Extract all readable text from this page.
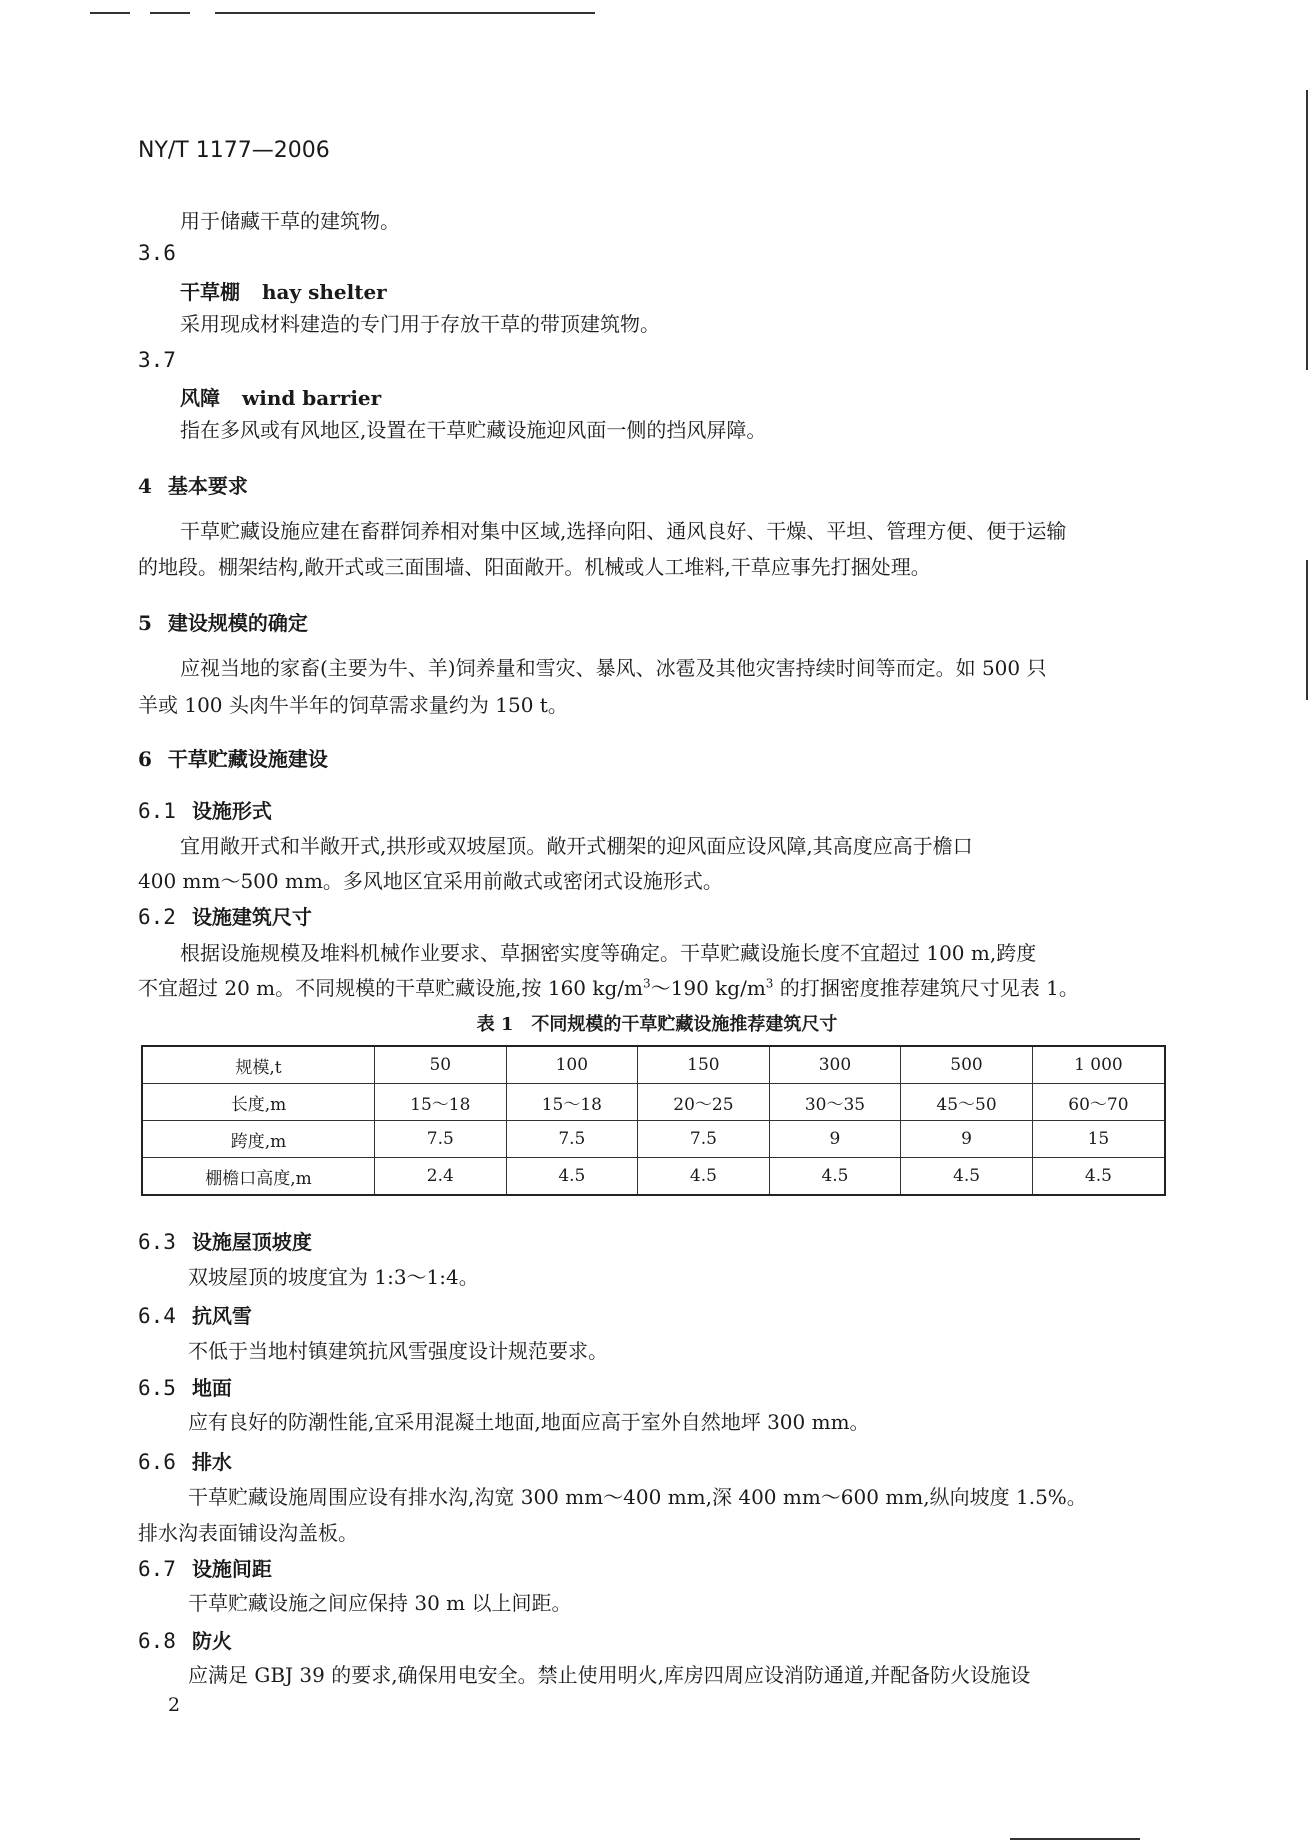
NY/T 1177—2006
用于储藏干草的建筑物。
3.6
干草棚 hay shelter
采用现成材料建造的专门用于存放干草的带顶建筑物。
3.7
风障 wind barrier
指在多风或有风地区,设置在干草贮藏设施迎风面一侧的挡风屏障。
4 基本要求
干草贮藏设施应建在畜群饲养相对集中区域,选择向阳、通风良好、干燥、平坦、管理方便、便于运输
的地段。棚架结构,敞开式或三面围墙、阳面敞开。机械或人工堆料,干草应事先打捆处理。
5 建设规模的确定
应视当地的家畜(主要为牛、羊)饲养量和雪灾、暴风、冰雹及其他灾害持续时间等而定。如 500 只
羊或 100 头肉牛半年的饲草需求量约为 150 t。
6 干草贮藏设施建设
6.1 设施形式
宜用敞开式和半敞开式,拱形或双坡屋顶。敞开式棚架的迎风面应设风障,其高度应高于檐口
400 mm～500 mm。多风地区宜采用前敞式或密闭式设施形式。
6.2 设施建筑尺寸
根据设施规模及堆料机械作业要求、草捆密实度等确定。干草贮藏设施长度不宜超过 100 m,跨度
不宜超过 20 m。不同规模的干草贮藏设施,按 160 $kg/m^3\sim 190$ $kg/m^3$ 的打捆密度推荐建筑尺寸见表 1。
表 1　不同规模的干草贮藏设施推荐建筑尺寸
规模,t	50	100	150	300	500	1 000
长度,m	15～18	15～18	20～25	30～35	45～50	60～70
跨度,m	7.5	7.5	7.5	9	9	15
棚檐口高度,m	2.4	4.5	4.5	4.5	4.5	4.5
6.3 设施屋顶坡度
双坡屋顶的坡度宜为 1:3～1:4。
6.4 抗风雪
不低于当地村镇建筑抗风雪强度设计规范要求。
6.5 地面
应有良好的防潮性能,宜采用混凝土地面,地面应高于室外自然地坪 300 mm。
6.6 排水
干草贮藏设施周围应设有排水沟,沟宽 300 mm～400 mm,深 400 mm～600 mm,纵向坡度 1.5%。
排水沟表面铺设沟盖板。
6.7 设施间距
干草贮藏设施之间应保持 30 m 以上间距。
6.8 防火
应满足 GBJ 39 的要求,确保用电安全。禁止使用明火,库房四周应设消防通道,并配备防火设施设
2
